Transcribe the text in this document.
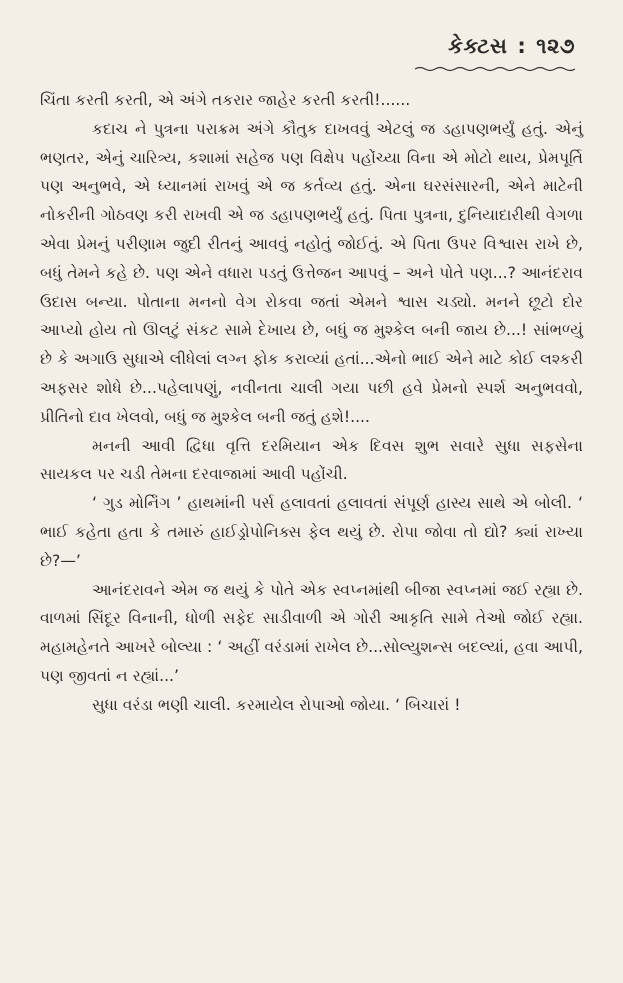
કેક્ટસ : ૧૨૭

ચિંતા કરતી કરતી, એ અંગે તકરાર જાહેર કરતી કરતી!......

કદાચ ને પુત્રના પરાક્રમ અંગે કૌતુક દાખવવું એટલું જ ડહાપણભર્યું હતું. એનું ભણતર, એનું ચારિત્ર્ય, કશામાં સહેજ પણ વિક્ષેપ પહોંચ્યા વિના એ મોટો થાય, પ્રેમપૂર્તિ પણ અનુભવે, એ ધ્યાનમાં રાખવું એ જ કર્તવ્ય હતું. એના ઘરસંસારની, એને માટેની નોકરીની ગોઠવણ કરી રાખવી એ જ ડહાપણભર્યું હતું. પિતા પુત્રના, દુનિયાદારીથી વેગળા એવા પ્રેમનું પરીણામ જુદી રીતનું આવવું નહોતું જોઈતું. એ પિતા ઉપર વિશ્વાસ રાખે છે, બધું તેમને કહે છે. પણ એને વધારા પડતું ઉત્તેજન આપવું – અને પોતે પણ...? આનંદરાવ ઉદાસ બન્યા. પોતાના મનનો વેગ રોકવા જતાં એમને શ્વાસ ચડ્યો. મનને છૂટો દોર આપ્યો હોય તો ઊલટું સંકટ સામે દેખાય છે, બધું જ મુશ્કેલ બની જાય છે...! સાંભળ્યું છે કે અગાઉ સુધાએ લીધેલાં લગ્ન ફોક કરાવ્યાં હતાં...એનો ભાઈ એને માટે કોઈ લશ્કરી અફસર શોધે છે...પહેલાપણું, નવીનતા ચાલી ગયા પછી હવે પ્રેમનો સ્પર્શ અનુભવવો, પ્રીતિનો દાવ ખેલવો, બધું જ મુશ્કેલ બની જતું હશે!....

મનની આવી દ્વિધા વૃત્તિ દરમિયાન એક દિવસ શુભ સવારે સુધા સફસેના સાયકલ પર ચડી તેમના દરવાજામાં આવી પહોંચી.

‘ ગુડ મોર્નિંગ ’ હાથમાંની પર્સ હલાવતાં હલાવતાં સંપૂર્ણ હાસ્ય સાથે એ બોલી. ‘ ભાઈ કહેતા હતા કે તમારું હાઈડ્રોપોનિક્સ ફેલ થયું છે. રોપા જોવા તો દ્યો? ક્યાં રાખ્યા છે?—’

આનંદરાવને એમ જ થયું કે પોતે એક સ્વપ્નમાંથી બીજા સ્વપ્નમાં જઈ રહ્યા છે. વાળમાં સિંદૂર વિનાની, ધોળી સફેદ સાડીવાળી એ ગોરી આકૃતિ સામે તેઓ જોઈ રહ્યા. મહામહેનતે આખરે બોલ્યા : ‘ અહીં વરંડામાં રાખેલ છે...સોલ્યુશન્સ બદલ્યાં, હવા આપી, પણ જીવતાં ન રહ્યાં...’

સુધા વરંડા ભણી ચાલી. કરમાયેલ રોપાઓ જોયા. ‘ બિચારાં !
